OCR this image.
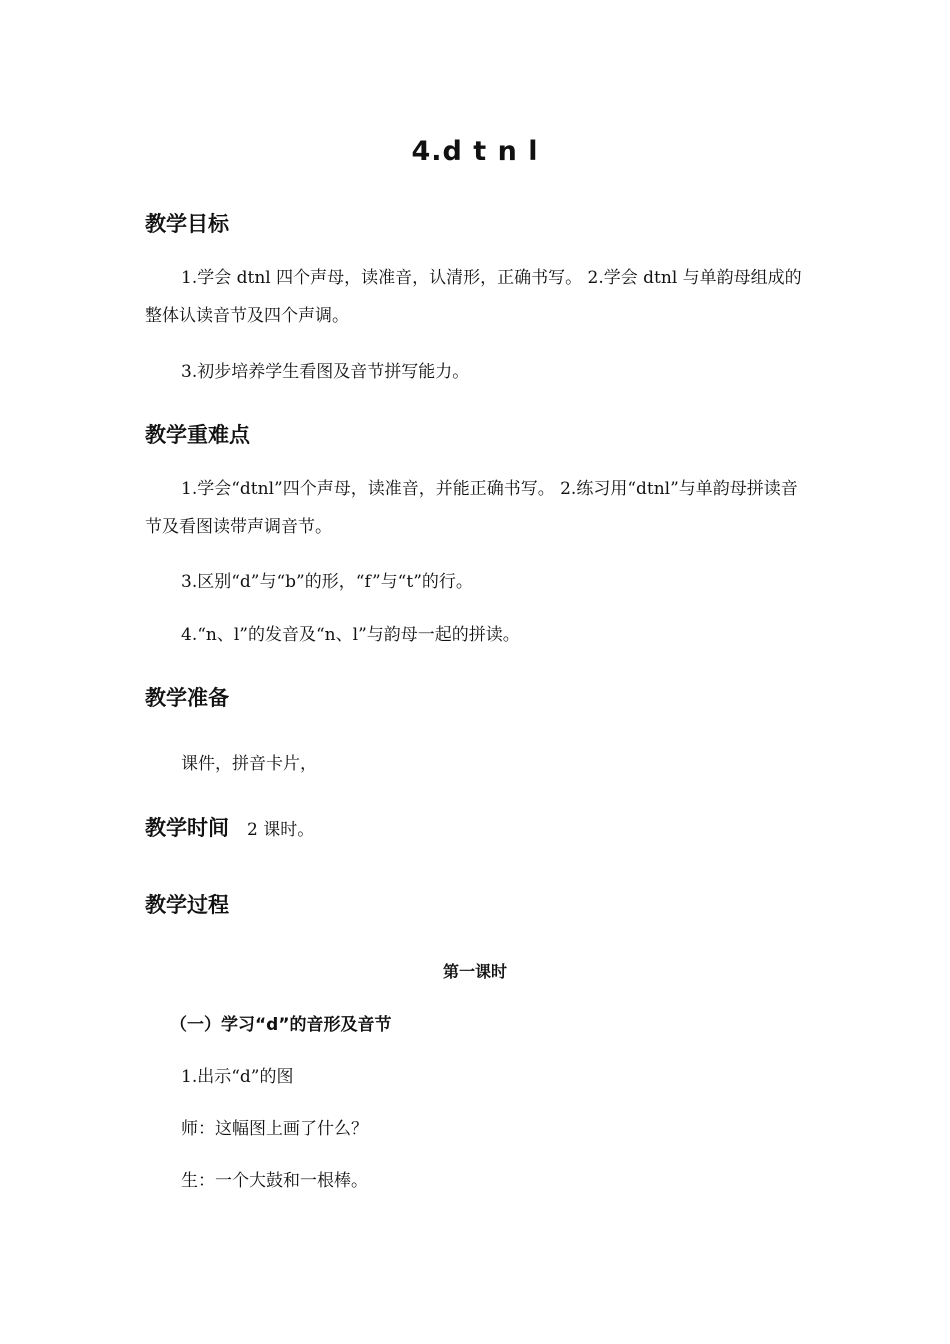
4.d t n l
教学目标
1.学会 dtnl 四个声母，读准音，认清形，正确书写。 2.学会 dtnl 与单韵母组成的整体认读音节及四个声调。
3.初步培养学生看图及音节拼写能力。
教学重难点
1.学会“dtnl”四个声母，读准音，并能正确书写。 2.练习用“dtnl”与单韵母拼读音节及看图读带声调音节。
3.区别“d”与“b”的形，“f”与“t”的行。
4.“n、l”的发音及“n、l”与韵母一起的拼读。
教学准备
课件，拼音卡片，
教学时间 2 课时。
教学过程
第一课时
（一）学习“d”的音形及音节
1.出示“d”的图
师：这幅图上画了什么？
生：一个大鼓和一根棒。
